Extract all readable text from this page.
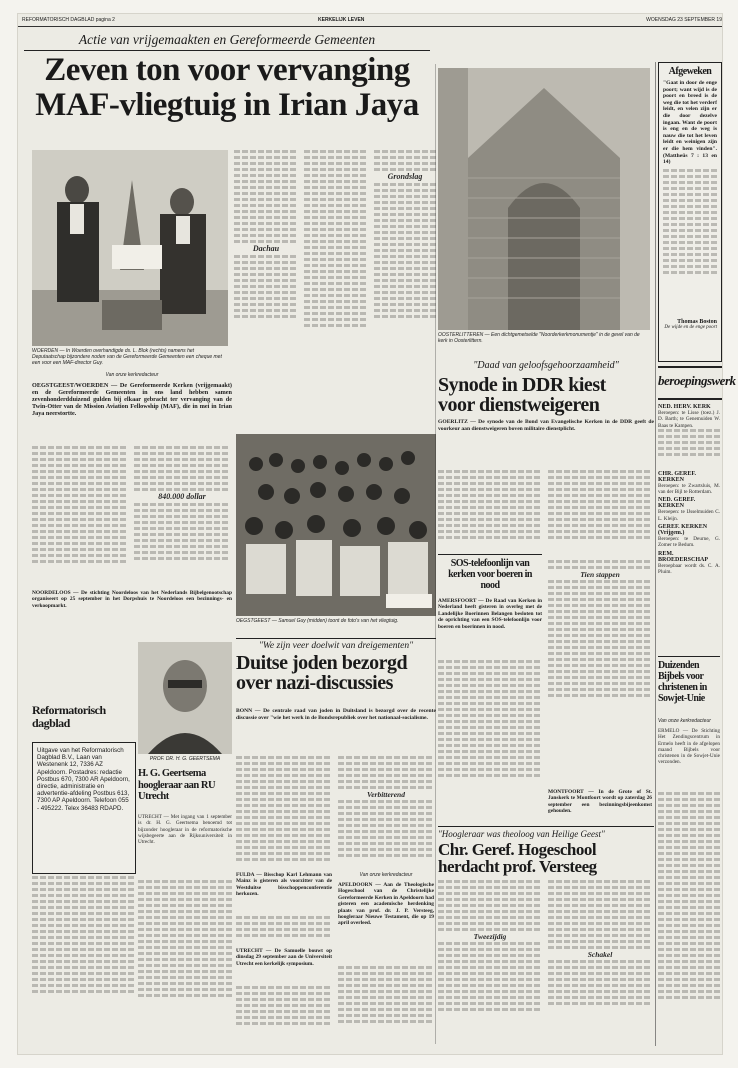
REFORMATORISCH DAGBLAD pagina 2	KERKELIJK LEVEN	WOENSDAG 23 SEPTEMBER 19
Actie van vrijgemaakten en Gereformeerde Gemeenten
Zeven ton voor vervanging
MAF-vliegtuig in Irian Jaya
WOERDEN — In Woerden overhandigde ds. L. Blok (rechts) namens het Deputaatschap bijzondere noden van de Gereformeerde Gemeenten een cheque met een voor een MAF-director Guy.
Dachau
Grondslag
Van onze kerkredacteur
OEGSTGEEST/WOERDEN — De Gereformeerde Kerken (vrijgemaakt) en de Gereformeerde Gemeenten in ons land hebben samen zevenhonderdduizend gulden bij elkaar gebracht ter vervanging van de Twin-Otter van de Mission Aviation Fellowship (MAF), die in mei in Irian Jaya neerstortte.
840.000 dollar
OEGSTGEEST — Samuel Guy (midden) toont de foto's van het vliegtuig.
OOSTERLITTEREN — Een dichtgemetselde "Noorderkerkmonumentje" in de gevel van de kerk in Oosterlittern.
"Daad van geloofsgehoorzaamheid"
Synode in DDR kiest
voor dienstweigeren
GOERLITZ — De synode van de Bond van Evangelische Kerken in de DDR geeft de voorkeur aan dienstweigeren boven militaire dienstplicht.
SOS-telefoonlijn van kerken voor boeren in nood
AMERSFOORT — De Raad van Kerken in Nederland heeft gisteren in overleg met de Landelijke Boerinnen Belangen besloten tot de oprichting van een SOS-telefoonlijn voor boeren en boerinnen in nood.
Tien stappen
MONTFOORT — In de Grote of St. Janskerk te Montfoort wordt op zaterdag 26 september een bezinningsbijeenkomst gehouden.
NOORDELOOS — De stichting Noordeloos van het Nederlands Bijbelgenootschap organiseert op 25 september in het Dorpshuis te Noordeloos een bezinnings- en verkoopmarkt.
Reformatorisch dagblad
Uitgave van het Reformatorisch Dagblad B.V., Laan van Westenenk 12, 7336 AZ Apeldoorn. Postadres: redactie Postbus 670, 7300 AR Apeldoorn, directie, administratie en advertentie-afdeling Postbus 613, 7300 AP Apeldoorn. Telefoon 055 - 495222. Telex 36483 RDAPD.
"We zijn veer doelwit van dreigementen"
Duitse joden bezorgd
over nazi-discussies
BONN — De centrale raad van joden in Duitsland is bezorgd over de recente discussie over "wie het werk in de Bondsrepubliek over het nationaal-socialisme.
PROF. DR. H. G. GEERTSEMA
H. G. Geertsema hoogleraar aan RU Utrecht
UTRECHT — Met ingang van 1 september is dr. H. G. Geertsema benoemd tot bijzonder hoogleraar in de reformatorische wijsbegeerte aan de Rijksuniversiteit in Utrecht.
Verbitterend
FULDA — Bisschop Karl Lehmann van Mainz is gisteren als voorzitter van de Westduitse bisschoppenconferentie herkozen.
UTRECHT — De Samuelle bouwt op dinsdag 29 september aan de Universiteit Utrecht een kerkelijk symposium.
Van onze kerkredacteur
APELDOORN — Aan de Theologische Hogeschool van de Christelijke Gereformeerde Kerken in Apeldoorn had gisteren een academische herdenking plaats van prof. dr. J. P. Versteeg, hoogleraar Nieuwe Testament, die op 19 april overleed.
"Hoogleraar was theoloog van Heilige Geest"
Chr. Geref. Hogeschool
herdacht prof. Versteeg
Tweezijdig
Schakel
Afgeweken
"Gaat in door de enge poort; want wijd is de poort en breed is de weg die tot het verderf leidt, en velen zijn er die door dezelve ingaan. Want de poort is eng en de weg is nauw die tot het leven leidt en weinigen zijn er die hem vinden". (Mattheüs 7 : 13 en 14)
Thomas Boston
De wijde en de enge poort
beroepingswerk
NED. HERV. KERK
Beroepen: te Lisse (toez.) J. D. Barth; te Genemuiden W. Baas te Kampen.
CHR. GEREF. KERKEN
Beroepen: te Zwartsluis, M. van der Bijl te Rotterdam.
NED. GEREF. KERKEN
Beroepen: te IJsselmuiden C. L. Kleijn.
GEREF. KERKEN (Vrijgem.)
Beroepen: te Deurne, G. Zomer te Bedum.
REM. BROEDERSCHAP
Beroepbaar wordt ds. C. A. Pluim.
Duizenden Bijbels voor christenen in Sowjet-Unie
Van onze kerkredacteur
ERMELO — De Stichting Het Zendingscentrum in Ermelo heeft in de afgelopen maand Bijbels voor christenen in de Sowjet-Unie verzonden.
